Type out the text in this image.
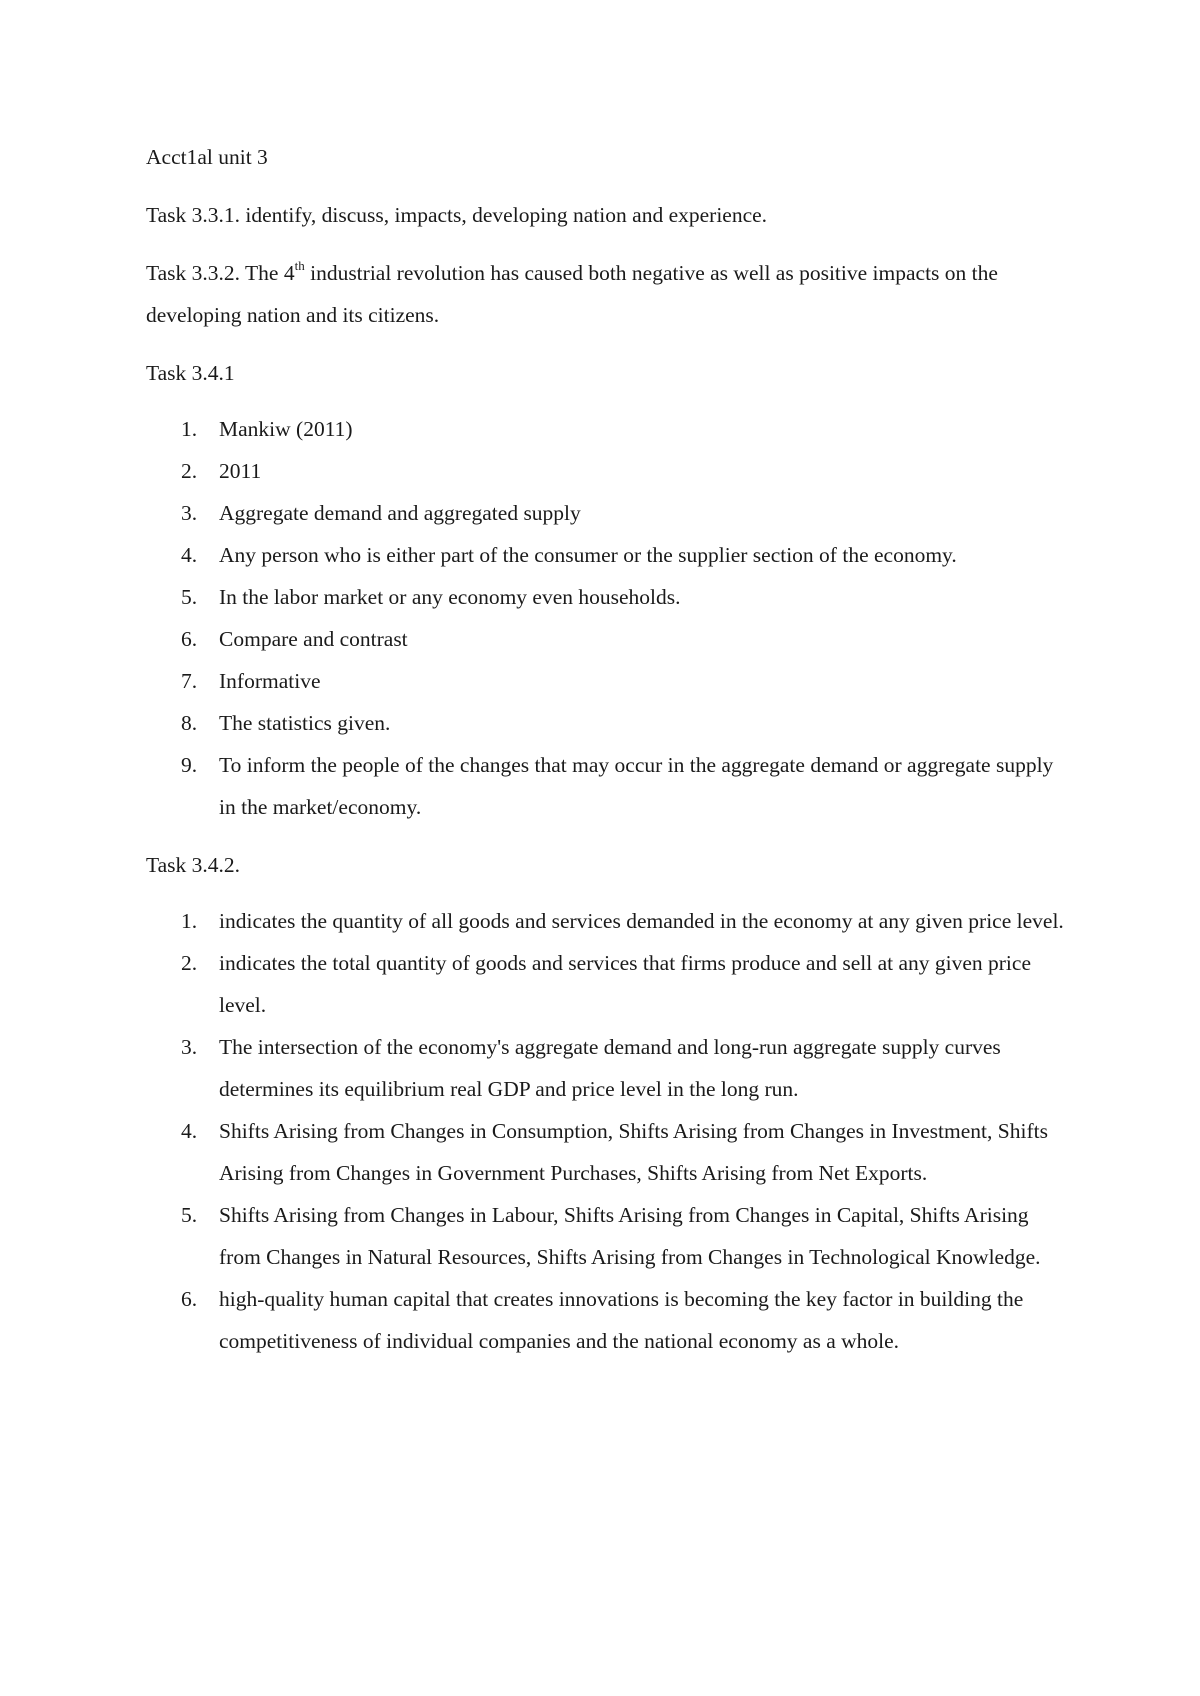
Acct1al unit 3

Task 3.3.1. identify, discuss, impacts, developing nation and experience.

Task 3.3.2. The 4th industrial revolution has caused both negative as well as positive impacts on the developing nation and its citizens.

Task 3.4.1

1. Mankiw (2011)
2. 2011
3. Aggregate demand and aggregated supply
4. Any person who is either part of the consumer or the supplier section of the economy.
5. In the labor market or any economy even households.
6. Compare and contrast
7. Informative
8. The statistics given.
9. To inform the people of the changes that may occur in the aggregate demand or aggregate supply in the market/economy.

Task 3.4.2.

1. indicates the quantity of all goods and services demanded in the economy at any given price level.
2. indicates the total quantity of goods and services that firms produce and sell at any given price level.
3. The intersection of the economy's aggregate demand and long-run aggregate supply curves determines its equilibrium real GDP and price level in the long run.
4. Shifts Arising from Changes in Consumption, Shifts Arising from Changes in Investment, Shifts Arising from Changes in Government Purchases, Shifts Arising from Net Exports.
5. Shifts Arising from Changes in Labour, Shifts Arising from Changes in Capital, Shifts Arising from Changes in Natural Resources, Shifts Arising from Changes in Technological Knowledge.
6. high-quality human capital that creates innovations is becoming the key factor in building the competitiveness of individual companies and the national economy as a whole.
